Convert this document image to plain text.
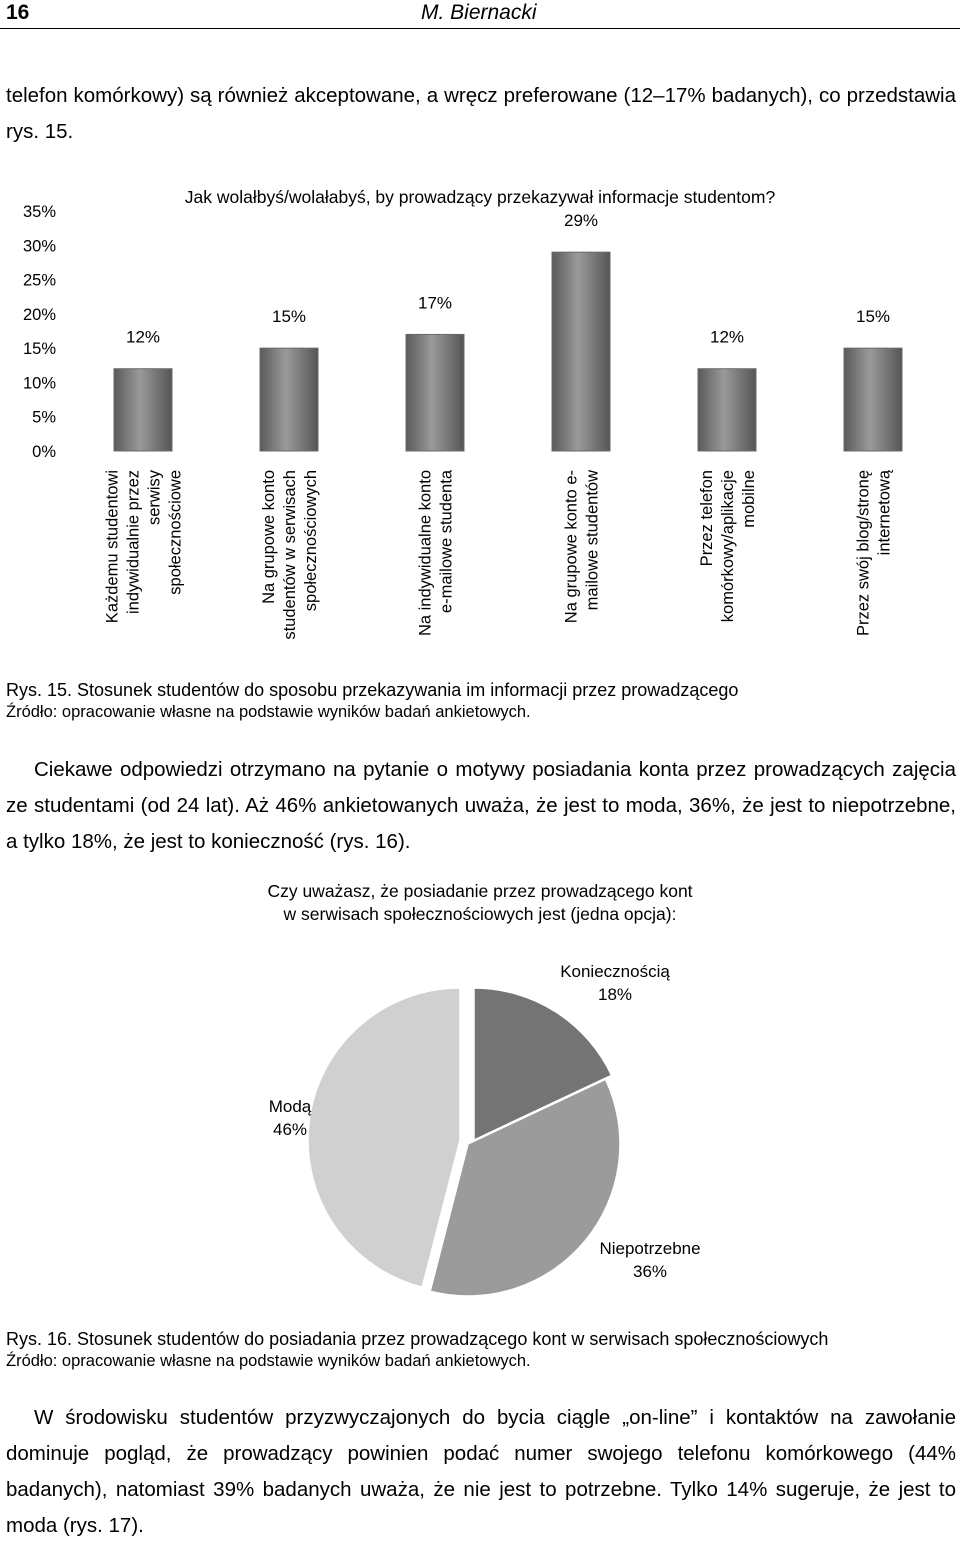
16	M. Biernacki

telefon komórkowy) są również akceptowane, a wręcz preferowane (12–17% badanych), co przedstawia rys. 15.

Jak wolałbyś/wolałabyś, by prowadzący przekazywał informacje studentom?
0%
5%
10%
15%
20%
25%
30%
35%
12%
15%
17%
29%
12%
15%
Każdemu studentowi indywidualnie przez serwisy społecznościowe	Na grupowe konto studentów w serwisach społecznościowych	Na indywidualne konto e-mailowe studenta	Na grupowe konto e- mailowe studentów	Przez telefon komórkowy/aplikacje mobilne	Przez swój blog/stronę internetową
Rys. 15. Stosunek studentów do sposobu przekazywania im informacji przez prowadzącego
Źródło: opracowanie własne na podstawie wyników badań ankietowych.

Ciekawe odpowiedzi otrzymano na pytanie o motywy posiadania konta przez prowadzących zajęcia ze studentami (od 24 lat). Aż 46% ankietowanych uważa, że jest to moda, 36%, że jest to niepotrzebne, a tylko 18%, że jest to konieczność (rys. 16).

Czy uważasz, że posiadanie przez prowadzącego kont
w serwisach społecznościowych jest (jedna opcja):
Koniecznością
18%
Niepotrzebne
36%
Modą
46%
Rys. 16. Stosunek studentów do posiadania przez prowadzącego kont w serwisach społecznościowych
Źródło: opracowanie własne na podstawie wyników badań ankietowych.

W środowisku studentów przyzwyczajonych do bycia ciągle „on-line” i kontaktów na zawołanie dominuje pogląd, że prowadzący powinien podać numer swojego telefonu komórkowego (44% badanych), natomiast 39% badanych uważa, że nie jest to potrzebne. Tylko 14% sugeruje, że jest to moda (rys. 17).
